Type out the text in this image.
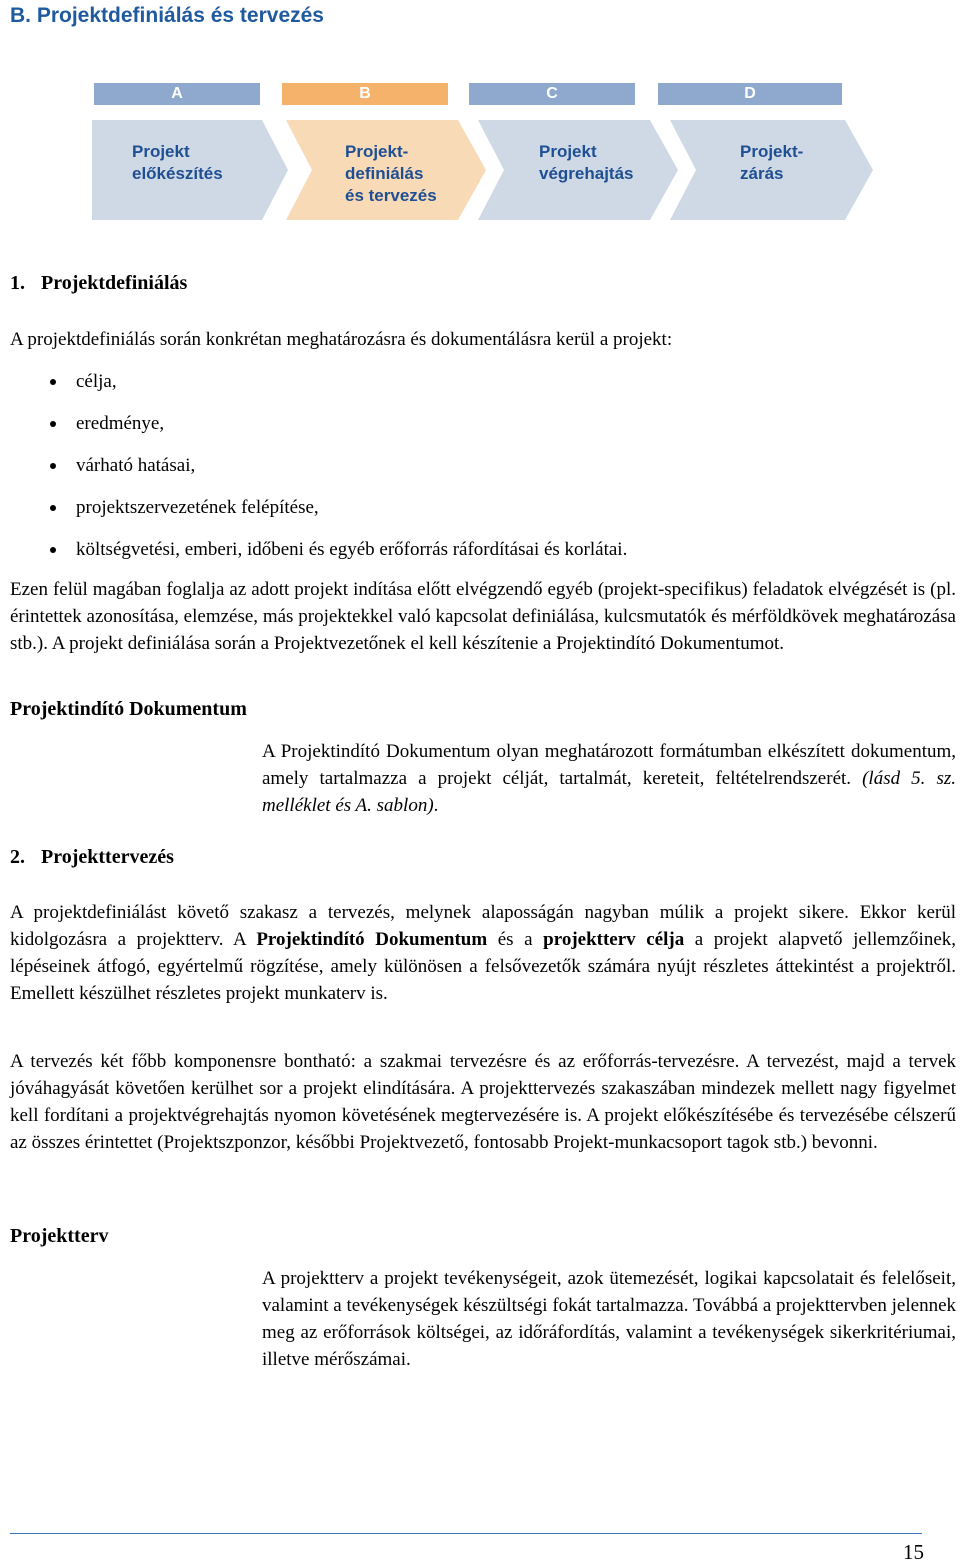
B. Projektdefiniálás és tervezés
A	B	C	D
Projekt
előkészítés
Projekt-
definiálás
és tervezés
Projekt
végrehajtás
Projekt-
zárás
1. Projektdefiniálás

A projektdefiniálás során konkrétan meghatározásra és dokumentálásra kerül a projekt:

célja,
eredménye,
várható hatásai,
projektszervezetének felépítése,
költségvetési, emberi, időbeni és egyéb erőforrás ráfordításai és korlátai.

Ezen felül magában foglalja az adott projekt indítása előtt elvégzendő egyéb (projekt-specifikus) feladatok elvégzését is (pl. érintettek azonosítása, elemzése, más projektekkel való kapcsolat definiálása, kulcsmutatók és mérföldkövek meghatározása stb.). A projekt definiálása során a Projektvezetőnek el kell készítenie a Projektindító Dokumentumot.

Projektindító Dokumentum

A Projektindító Dokumentum olyan meghatározott formátumban elkészített dokumentum, amely tartalmazza a projekt célját, tartalmát, kereteit, feltételrendszerét. (lásd 5. sz. melléklet és A. sablon).

2. Projekttervezés

A projektdefiniálást követő szakasz a tervezés, melynek alaposságán nagyban múlik a projekt sikere. Ekkor kerül kidolgozásra a projektterv. A Projektindító Dokumentum és a projektterv célja a projekt alapvető jellemzőinek, lépéseinek átfogó, egyértelmű rögzítése, amely különösen a felsővezetők számára nyújt részletes áttekintést a projektről. Emellett készülhet részletes projekt munkaterv is.

A tervezés két főbb komponensre bontható: a szakmai tervezésre és az erőforrás-tervezésre. A tervezést, majd a tervek jóváhagyását követően kerülhet sor a projekt elindítására. A projekttervezés szakaszában mindezek mellett nagy figyelmet kell fordítani a projektvégrehajtás nyomon követésének megtervezésére is. A projekt előkészítésébe és tervezésébe célszerű az összes érintettet (Projektszponzor, későbbi Projektvezető, fontosabb Projekt-munkacsoport tagok stb.) bevonni.

Projektterv

A projektterv a projekt tevékenységeit, azok ütemezését, logikai kapcsolatait és felelőseit, valamint a tevékenységek készültségi fokát tartalmazza. Továbbá a projekttervben jelennek meg az erőforrások költségei, az időráfordítás, valamint a tevékenységek sikerkritériumai, illetve mérőszámai.

15
